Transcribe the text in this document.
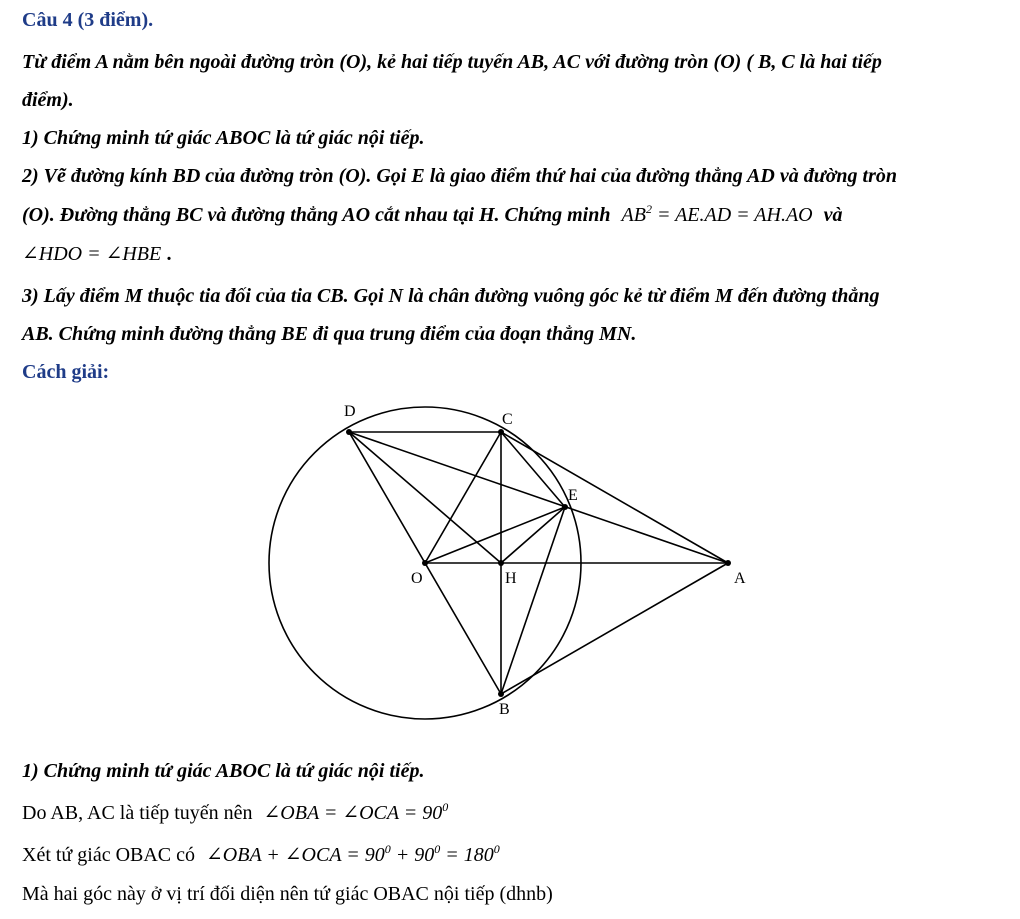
Câu 4 (3 điểm).
Từ điểm A nằm bên ngoài đường tròn (O), kẻ hai tiếp tuyến AB, AC với đường tròn (O) ( B, C là hai tiếp
điểm).
1) Chứng minh tứ giác ABOC là tứ giác nội tiếp.
2) Vẽ đường kính BD của đường tròn (O). Gọi E là giao điểm thứ hai của đường thẳng AD và đường tròn
(O). Đường thẳng BC và đường thẳng AO cắt nhau tại H. Chứng minh $AB^2 = AE.AD = AH.AO$ và
∠HDO = ∠HBE .
3) Lấy điểm M thuộc tia đối của tia CB. Gọi N là chân đường vuông góc kẻ từ điểm M đến đường thẳng
AB. Chứng minh đường thẳng BE đi qua trung điểm của đoạn thẳng MN.
Cách giải:
D	C
E
O	H	A
B
1) Chứng minh tứ giác ABOC là tứ giác nội tiếp.
Do AB, AC là tiếp tuyến nên ∠OBA = ∠OCA = $90^0$
Xét tứ giác OBAC có ∠OBA + ∠OCA = $90^0 + 90^0 = 180^0$
Mà hai góc này ở vị trí đối diện nên tứ giác OBAC nội tiếp (dhnb)
